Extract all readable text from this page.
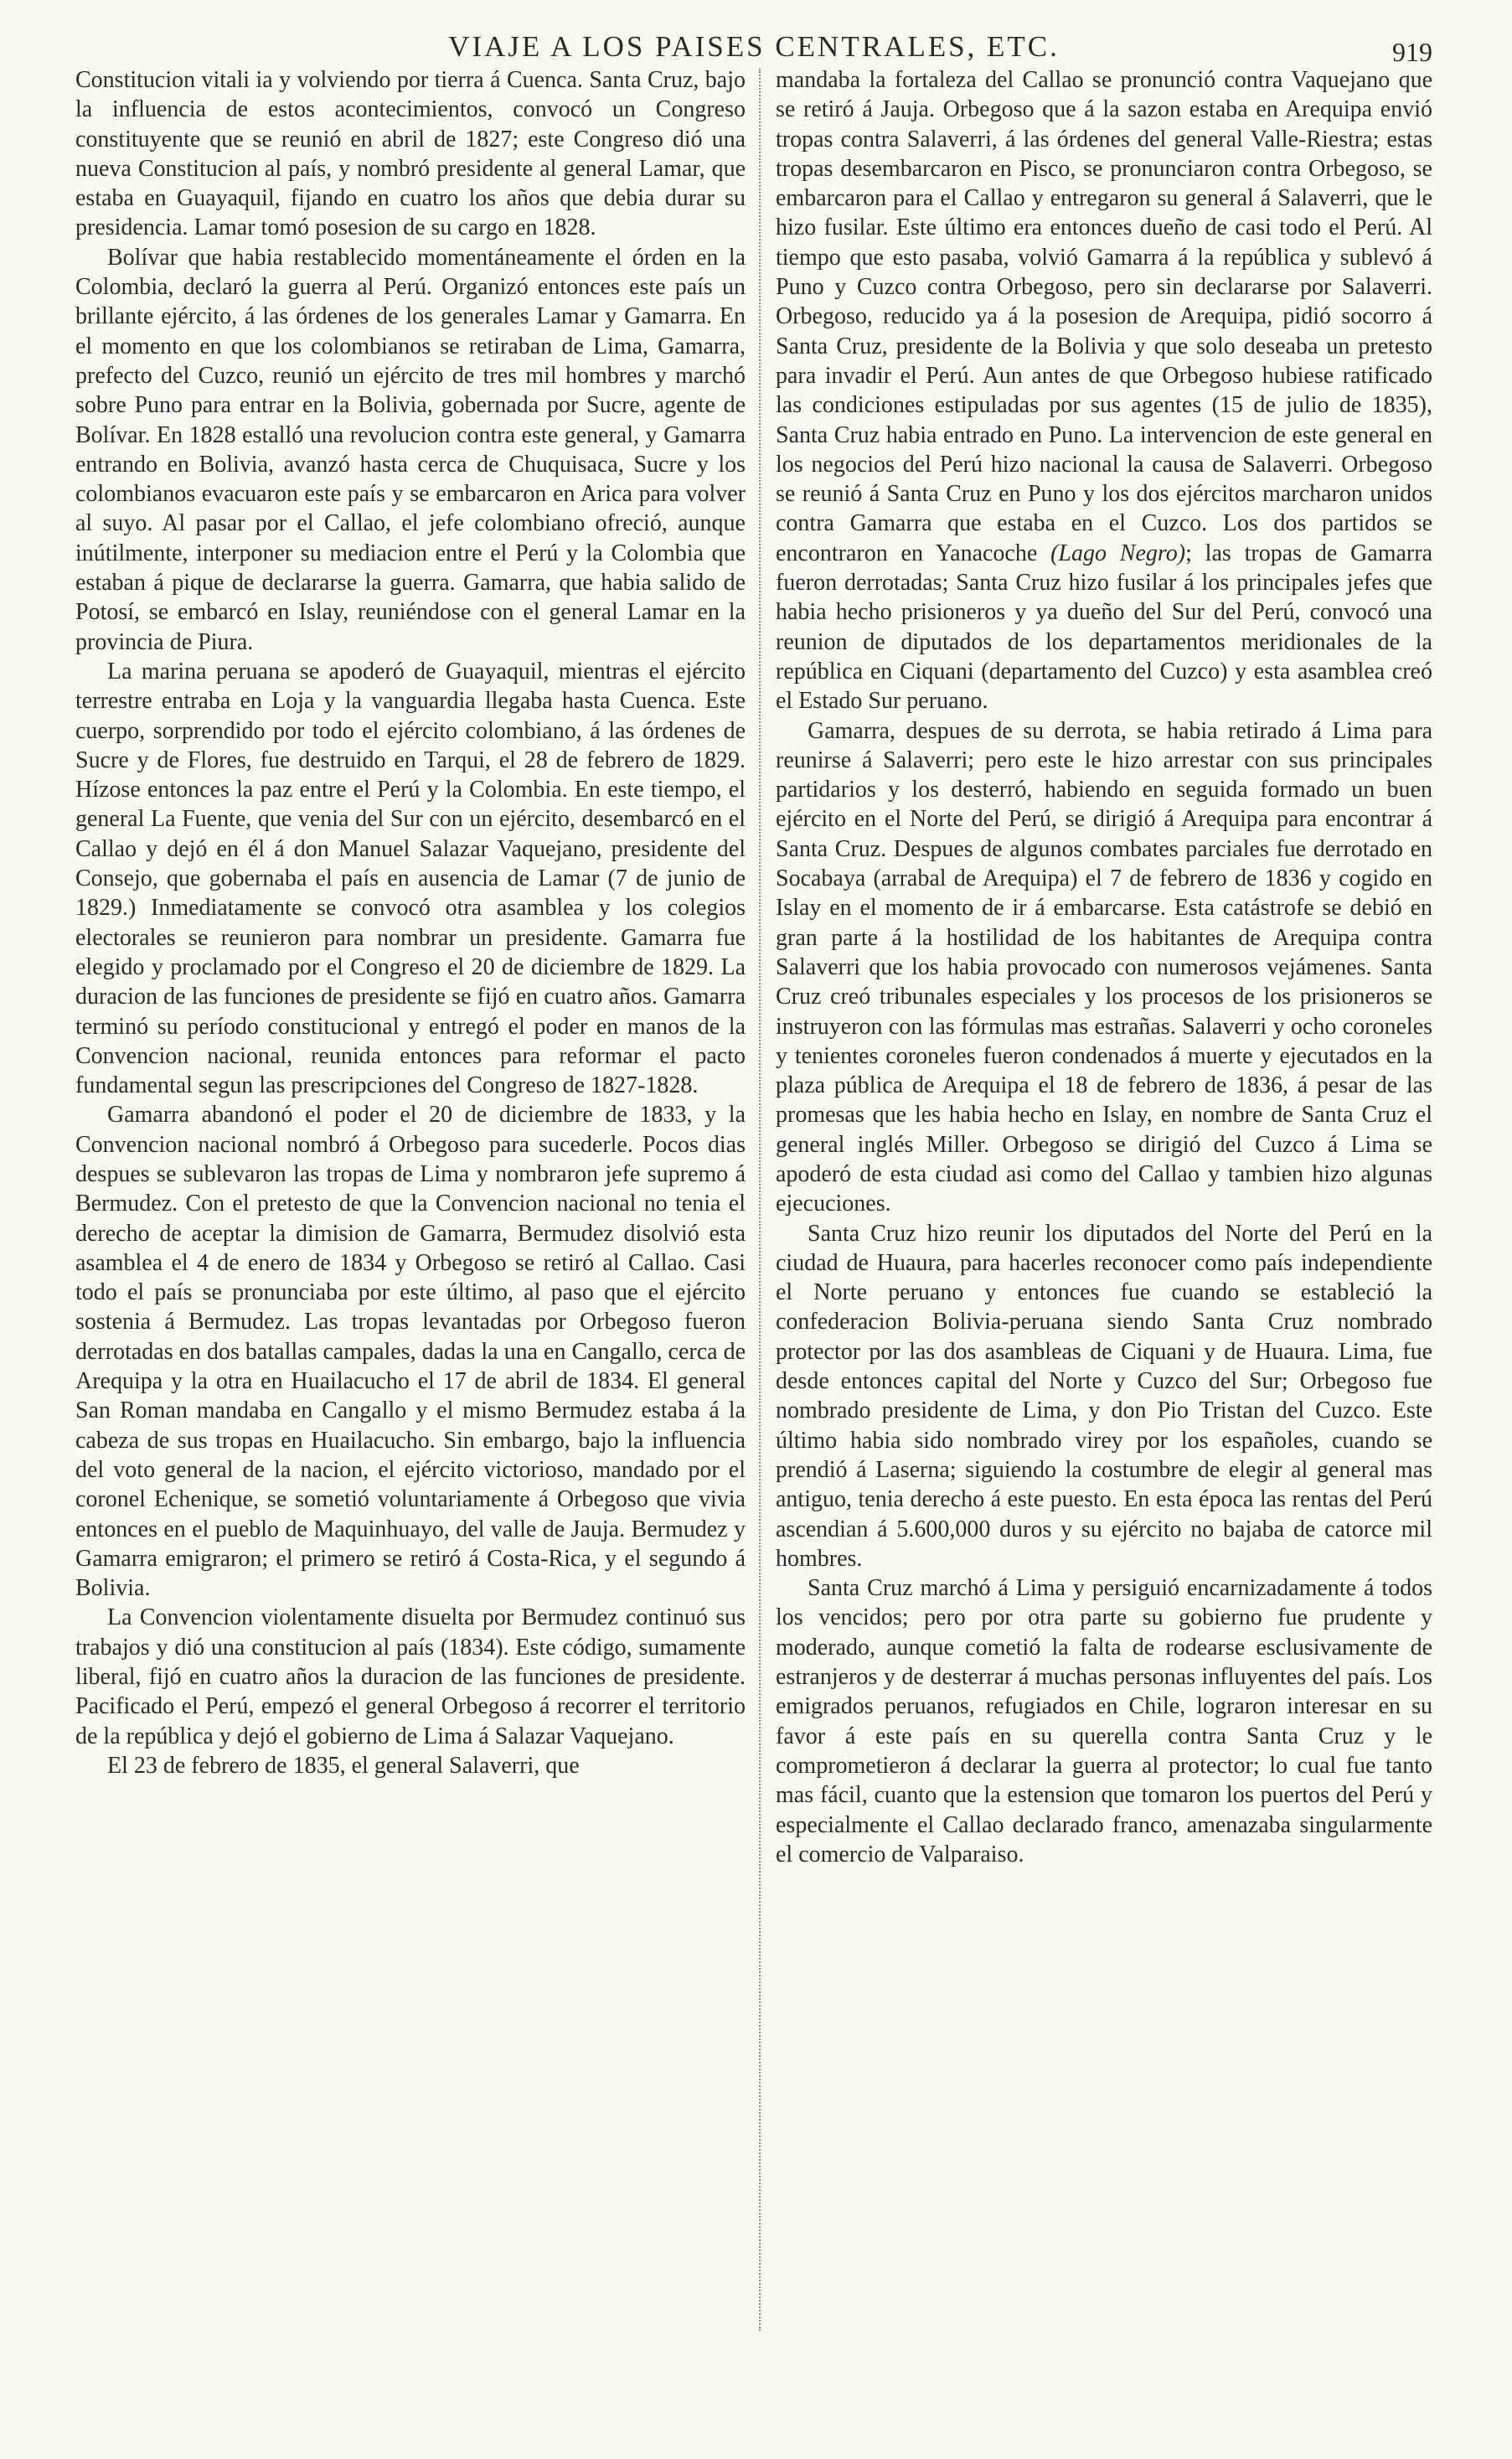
VIAJE A LOS PAISES CENTRALES, ETC.	919

Constitucion vitali ia y volviendo por tierra á Cuenca. Santa Cruz, bajo la influencia de estos acontecimientos, convocó un Congreso constituyente que se reunió en abril de 1827; este Congreso dió una nueva Constitucion al país, y nombró presidente al general Lamar, que estaba en Guayaquil, fijando en cuatro los años que debia durar su presidencia. Lamar tomó posesion de su cargo en 1828.

Bolívar que habia restablecido momentáneamente el órden en la Colombia, declaró la guerra al Perú. Organizó entonces este país un brillante ejército, á las órdenes de los generales Lamar y Gamarra. En el momento en que los colombianos se retiraban de Lima, Gamarra, prefecto del Cuzco, reunió un ejército de tres mil hombres y marchó sobre Puno para entrar en la Bolivia, gobernada por Sucre, agente de Bolívar. En 1828 estalló una revolucion contra este general, y Gamarra entrando en Bolivia, avanzó hasta cerca de Chuquisaca, Sucre y los colombianos evacuaron este país y se embarcaron en Arica para volver al suyo. Al pasar por el Callao, el jefe colombiano ofreció, aunque inútilmente, interponer su mediacion entre el Perú y la Colombia que estaban á pique de declararse la guerra. Gamarra, que habia salido de Potosí, se embarcó en Islay, reuniéndose con el general Lamar en la provincia de Piura.

La marina peruana se apoderó de Guayaquil, mientras el ejército terrestre entraba en Loja y la vanguardia llegaba hasta Cuenca. Este cuerpo, sorprendido por todo el ejército colombiano, á las órdenes de Sucre y de Flores, fue destruido en Tarqui, el 28 de febrero de 1829. Hízose entonces la paz entre el Perú y la Colombia. En este tiempo, el general La Fuente, que venia del Sur con un ejército, desembarcó en el Callao y dejó en él á don Manuel Salazar Vaquejano, presidente del Consejo, que gobernaba el país en ausencia de Lamar (7 de junio de 1829.) Inmediatamente se convocó otra asamblea y los colegios electorales se reunieron para nombrar un presidente. Gamarra fue elegido y proclamado por el Congreso el 20 de diciembre de 1829. La duracion de las funciones de presidente se fijó en cuatro años. Gamarra terminó su período constitucional y entregó el poder en manos de la Convencion nacional, reunida entonces para reformar el pacto fundamental segun las prescripciones del Congreso de 1827-1828.

Gamarra abandonó el poder el 20 de diciembre de 1833, y la Convencion nacional nombró á Orbegoso para sucederle. Pocos dias despues se sublevaron las tropas de Lima y nombraron jefe supremo á Bermudez. Con el pretesto de que la Convencion nacional no tenia el derecho de aceptar la dimision de Gamarra, Bermudez disolvió esta asamblea el 4 de enero de 1834 y Orbegoso se retiró al Callao. Casi todo el país se pronunciaba por este último, al paso que el ejército sostenia á Bermudez. Las tropas levantadas por Orbegoso fueron derrotadas en dos batallas campales, dadas la una en Cangallo, cerca de Arequipa y la otra en Huailacucho el 17 de abril de 1834. El general San Roman mandaba en Cangallo y el mismo Bermudez estaba á la cabeza de sus tropas en Huailacucho. Sin embargo, bajo la influencia del voto general de la nacion, el ejército victorioso, mandado por el coronel Echenique, se sometió voluntariamente á Orbegoso que vivia entonces en el pueblo de Maquinhuayo, del valle de Jauja. Bermudez y Gamarra emigraron; el primero se retiró á Costa-Rica, y el segundo á Bolivia.

La Convencion violentamente disuelta por Bermudez continuó sus trabajos y dió una constitucion al país (1834). Este código, sumamente liberal, fijó en cuatro años la duracion de las funciones de presidente. Pacificado el Perú, empezó el general Orbegoso á recorrer el territorio de la república y dejó el gobierno de Lima á Salazar Vaquejano.

El 23 de febrero de 1835, el general Salaverri, que

mandaba la fortaleza del Callao se pronunció contra Vaquejano que se retiró á Jauja. Orbegoso que á la sazon estaba en Arequipa envió tropas contra Salaverri, á las órdenes del general Valle-Riestra; estas tropas desembarcaron en Pisco, se pronunciaron contra Orbegoso, se embarcaron para el Callao y entregaron su general á Salaverri, que le hizo fusilar. Este último era entonces dueño de casi todo el Perú. Al tiempo que esto pasaba, volvió Gamarra á la república y sublevó á Puno y Cuzco contra Orbegoso, pero sin declararse por Salaverri. Orbegoso, reducido ya á la posesion de Arequipa, pidió socorro á Santa Cruz, presidente de la Bolivia y que solo deseaba un pretesto para invadir el Perú. Aun antes de que Orbegoso hubiese ratificado las condiciones estipuladas por sus agentes (15 de julio de 1835), Santa Cruz habia entrado en Puno. La intervencion de este general en los negocios del Perú hizo nacional la causa de Salaverri. Orbegoso se reunió á Santa Cruz en Puno y los dos ejércitos marcharon unidos contra Gamarra que estaba en el Cuzco. Los dos partidos se encontraron en Yanacoche (Lago Negro); las tropas de Gamarra fueron derrotadas; Santa Cruz hizo fusilar á los principales jefes que habia hecho prisioneros y ya dueño del Sur del Perú, convocó una reunion de diputados de los departamentos meridionales de la república en Ciquani (departamento del Cuzco) y esta asamblea creó el Estado Sur peruano.

Gamarra, despues de su derrota, se habia retirado á Lima para reunirse á Salaverri; pero este le hizo arrestar con sus principales partidarios y los desterró, habiendo en seguida formado un buen ejército en el Norte del Perú, se dirigió á Arequipa para encontrar á Santa Cruz. Despues de algunos combates parciales fue derrotado en Socabaya (arrabal de Arequipa) el 7 de febrero de 1836 y cogido en Islay en el momento de ir á embarcarse. Esta catástrofe se debió en gran parte á la hostilidad de los habitantes de Arequipa contra Salaverri que los habia provocado con numerosos vejámenes. Santa Cruz creó tribunales especiales y los procesos de los prisioneros se instruyeron con las fórmulas mas estrañas. Salaverri y ocho coroneles y tenientes coroneles fueron condenados á muerte y ejecutados en la plaza pública de Arequipa el 18 de febrero de 1836, á pesar de las promesas que les habia hecho en Islay, en nombre de Santa Cruz el general inglés Miller. Orbegoso se dirigió del Cuzco á Lima se apoderó de esta ciudad asi como del Callao y tambien hizo algunas ejecuciones.

Santa Cruz hizo reunir los diputados del Norte del Perú en la ciudad de Huaura, para hacerles reconocer como país independiente el Norte peruano y entonces fue cuando se estableció la confederacion Bolivia-peruana siendo Santa Cruz nombrado protector por las dos asambleas de Ciquani y de Huaura. Lima, fue desde entonces capital del Norte y Cuzco del Sur; Orbegoso fue nombrado presidente de Lima, y don Pio Tristan del Cuzco. Este último habia sido nombrado virey por los españoles, cuando se prendió á Laserna; siguiendo la costumbre de elegir al general mas antiguo, tenia derecho á este puesto. En esta época las rentas del Perú ascendian á 5.600,000 duros y su ejército no bajaba de catorce mil hombres.

Santa Cruz marchó á Lima y persiguió encarnizadamente á todos los vencidos; pero por otra parte su gobierno fue prudente y moderado, aunque cometió la falta de rodearse esclusivamente de estranjeros y de desterrar á muchas personas influyentes del país. Los emigrados peruanos, refugiados en Chile, lograron interesar en su favor á este país en su querella contra Santa Cruz y le comprometieron á declarar la guerra al protector; lo cual fue tanto mas fácil, cuanto que la estension que tomaron los puertos del Perú y especialmente el Callao declarado franco, amenazaba singularmente el comercio de Valparaiso.
